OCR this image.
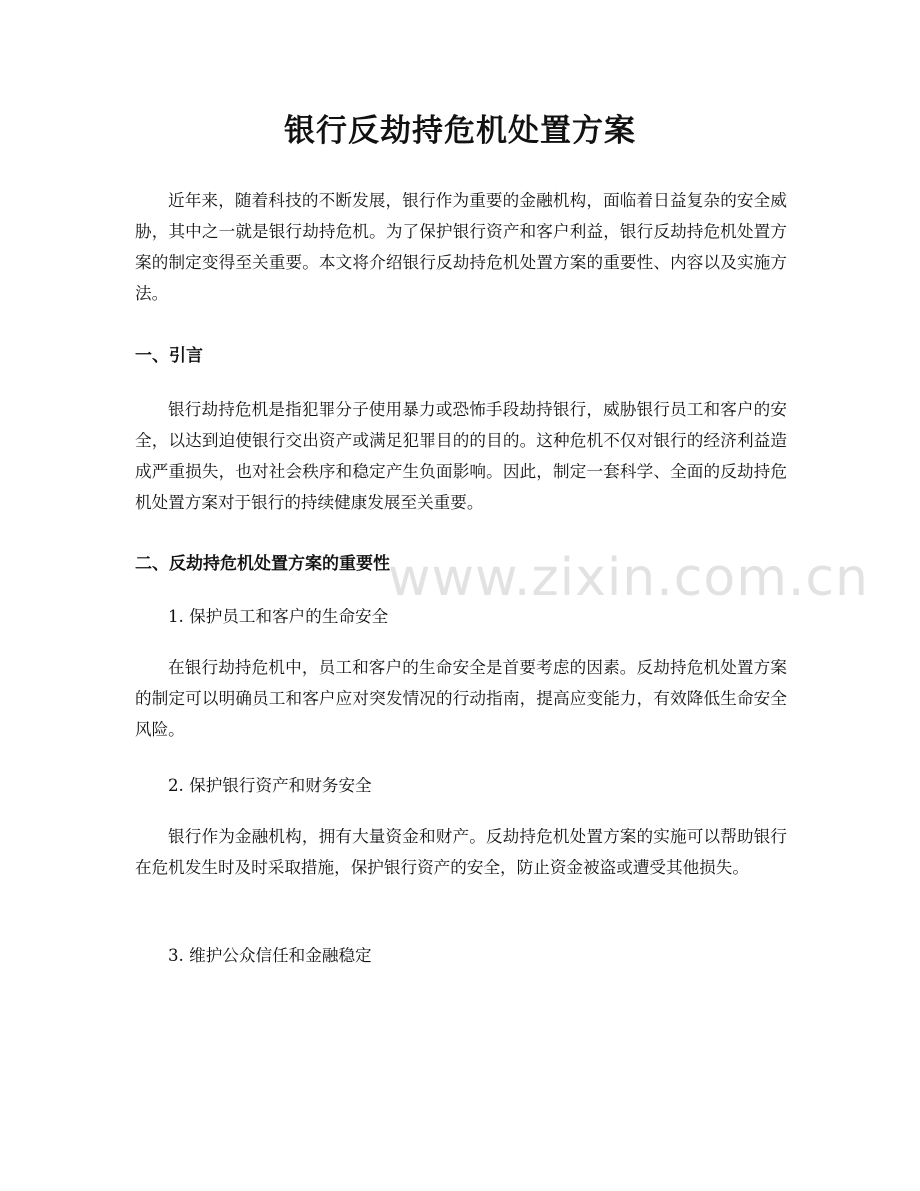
银行反劫持危机处置方案

近年来，随着科技的不断发展，银行作为重要的金融机构，面临着日益复杂的安全威胁，其中之一就是银行劫持危机。为了保护银行资产和客户利益，银行反劫持危机处置方案的制定变得至关重要。本文将介绍银行反劫持危机处置方案的重要性、内容以及实施方法。

一、引言

银行劫持危机是指犯罪分子使用暴力或恐怖手段劫持银行，威胁银行员工和客户的安全，以达到迫使银行交出资产或满足犯罪目的的目的。这种危机不仅对银行的经济利益造成严重损失，也对社会秩序和稳定产生负面影响。因此，制定一套科学、全面的反劫持危机处置方案对于银行的持续健康发展至关重要。

二、反劫持危机处置方案的重要性

1. 保护员工和客户的生命安全

在银行劫持危机中，员工和客户的生命安全是首要考虑的因素。反劫持危机处置方案的制定可以明确员工和客户应对突发情况的行动指南，提高应变能力，有效降低生命安全风险。

2. 保护银行资产和财务安全

银行作为金融机构，拥有大量资金和财产。反劫持危机处置方案的实施可以帮助银行在危机发生时及时采取措施，保护银行资产的安全，防止资金被盗或遭受其他损失。

3. 维护公众信任和金融稳定

www.zixin.com.cn
